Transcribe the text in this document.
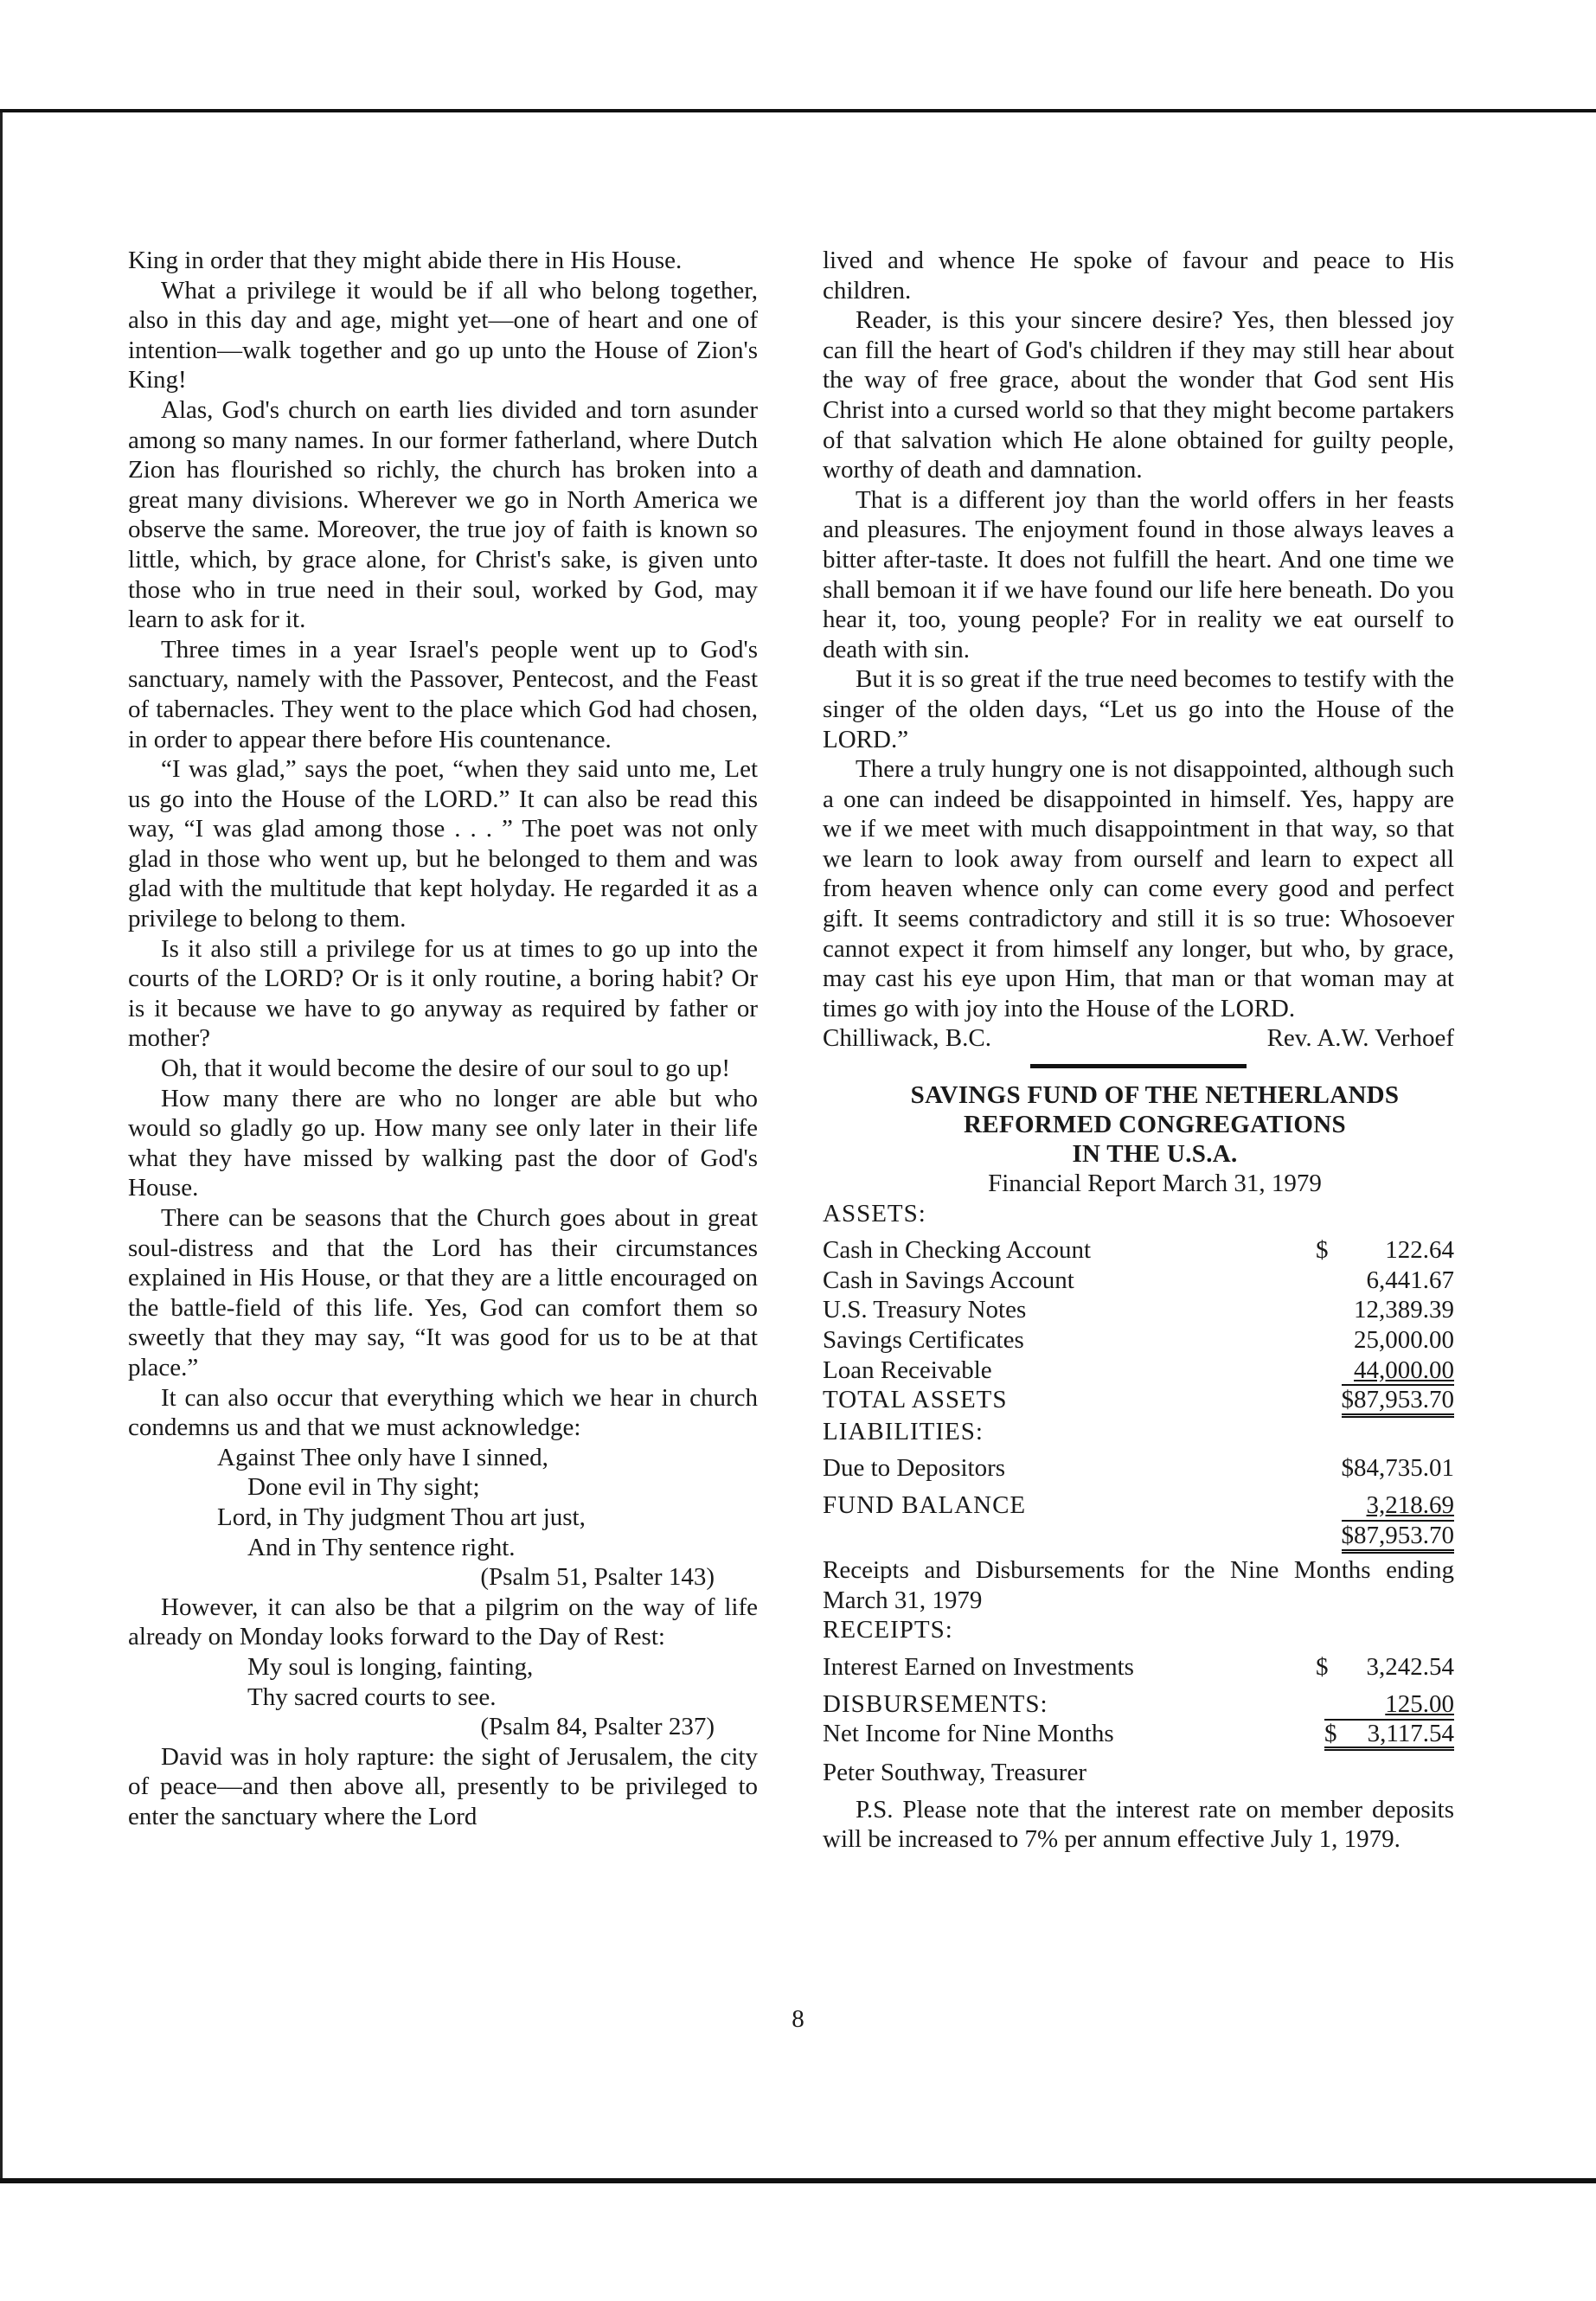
King in order that they might abide there in His House.

What a privilege it would be if all who belong together, also in this day and age, might yet—one of heart and one of intention—walk together and go up unto the House of Zion's King!

Alas, God's church on earth lies divided and torn asunder among so many names. In our former fatherland, where Dutch Zion has flourished so richly, the church has broken into a great many divisions. Wherever we go in North America we observe the same. Moreover, the true joy of faith is known so little, which, by grace alone, for Christ's sake, is given unto those who in true need in their soul, worked by God, may learn to ask for it.

Three times in a year Israel's people went up to God's sanctuary, namely with the Passover, Pentecost, and the Feast of tabernacles. They went to the place which God had chosen, in order to appear there before His countenance.

“I was glad,” says the poet, “when they said unto me, Let us go into the House of the LORD.” It can also be read this way, “I was glad among those . . . ” The poet was not only glad in those who went up, but he belonged to them and was glad with the multitude that kept holyday. He regarded it as a privilege to belong to them.

Is it also still a privilege for us at times to go up into the courts of the LORD? Or is it only routine, a boring habit? Or is it because we have to go anyway as required by father or mother?

Oh, that it would become the desire of our soul to go up!

How many there are who no longer are able but who would so gladly go up. How many see only later in their life what they have missed by walking past the door of God's House.

There can be seasons that the Church goes about in great soul-distress and that the Lord has their circumstances explained in His House, or that they are a little encouraged on the battle-field of this life. Yes, God can comfort them so sweetly that they may say, “It was good for us to be at that place.”

It can also occur that everything which we hear in church condemns us and that we must acknowledge:

Against Thee only have I sinned,

Done evil in Thy sight;

Lord, in Thy judgment Thou art just,

And in Thy sentence right.

(Psalm 51, Psalter 143)

However, it can also be that a pilgrim on the way of life already on Monday looks forward to the Day of Rest:

My soul is longing, fainting,

Thy sacred courts to see.

(Psalm 84, Psalter 237)

David was in holy rapture: the sight of Jerusalem, the city of peace—and then above all, presently to be privileged to enter the sanctuary where the Lord

lived and whence He spoke of favour and peace to His children.

Reader, is this your sincere desire? Yes, then blessed joy can fill the heart of God's children if they may still hear about the way of free grace, about the wonder that God sent His Christ into a cursed world so that they might become partakers of that salvation which He alone obtained for guilty people, worthy of death and damnation.

That is a different joy than the world offers in her feasts and pleasures. The enjoyment found in those always leaves a bitter after-taste. It does not fulfill the heart. And one time we shall bemoan it if we have found our life here beneath. Do you hear it, too, young people? For in reality we eat ourself to death with sin.

But it is so great if the true need becomes to testify with the singer of the olden days, “Let us go into the House of the LORD.”

There a truly hungry one is not disappointed, although such a one can indeed be disappointed in himself. Yes, happy are we if we meet with much disappointment in that way, so that we learn to look away from ourself and learn to expect all from heaven whence only can come every good and perfect gift. It seems contradictory and still it is so true: Whosoever cannot expect it from himself any longer, but who, by grace, may cast his eye upon Him, that man or that woman may at times go with joy into the House of the LORD.

Chilliwack, B.C.	Rev. A.W. Verhoef

SAVINGS FUND OF THE NETHERLANDS

REFORMED CONGREGATIONS

IN THE U.S.A.

Financial Report March 31, 1979

ASSETS:

Cash in Checking Account	$ 122.64
Cash in Savings Account	6,441.67
U.S. Treasury Notes	12,389.39
Savings Certificates	25,000.00
Loan Receivable	44,000.00
TOTAL ASSETS	$87,953.70

LIABILITIES:

Due to Depositors	$84,735.01
FUND BALANCE	3,218.69
$87,953.70

Receipts and Disbursements for the Nine Months ending March 31, 1979

RECEIPTS:

Interest Earned on Investments	$ 3,242.54
DISBURSEMENTS:	125.00
Net Income for Nine Months	$ 3,117.54

Peter Southway, Treasurer

P.S. Please note that the interest rate on member deposits will be increased to 7% per annum effective July 1, 1979.

8
